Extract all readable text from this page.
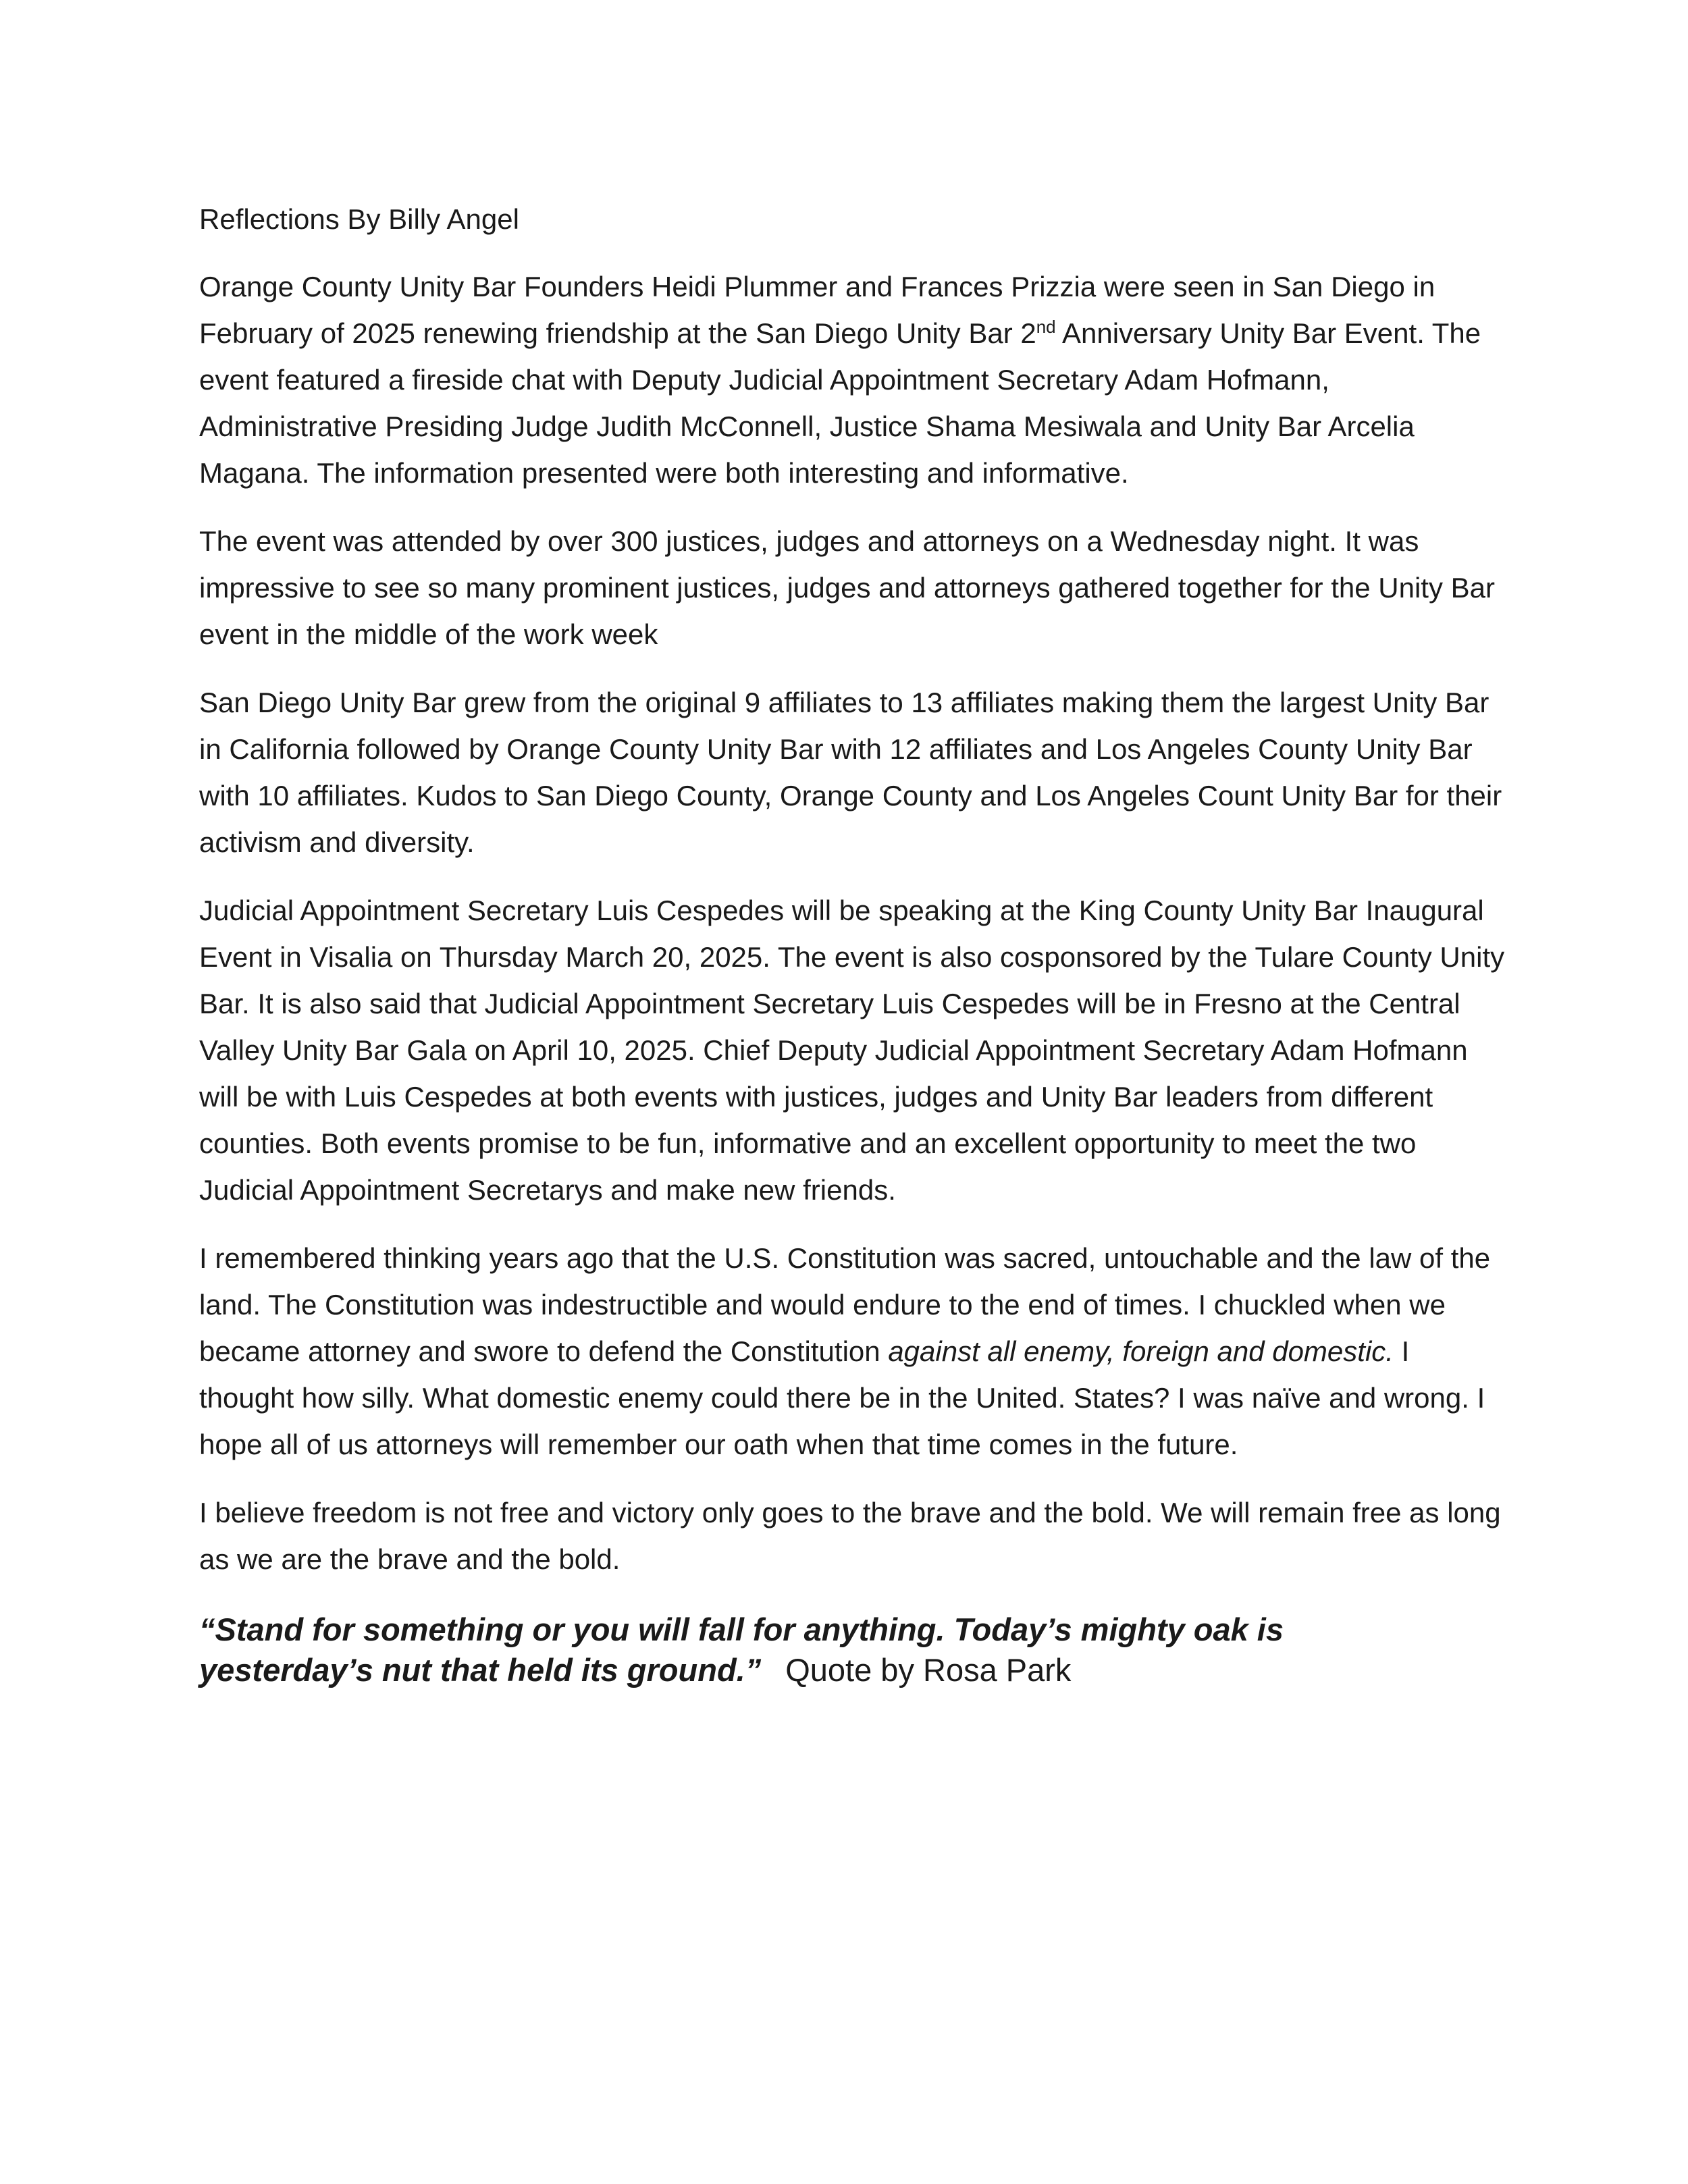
Reflections By Billy Angel

Orange County Unity Bar Founders Heidi Plummer and Frances Prizzia were seen in San Diego in February of 2025 renewing friendship at the San Diego Unity Bar 2nd Anniversary Unity Bar Event. The event featured a fireside chat with Deputy Judicial Appointment Secretary Adam Hofmann, Administrative Presiding Judge Judith McConnell, Justice Shama Mesiwala and Unity Bar Arcelia Magana. The information presented were both interesting and informative.

The event was attended by over 300 justices, judges and attorneys on a Wednesday night. It was impressive to see so many prominent justices, judges and attorneys gathered together for the Unity Bar event in the middle of the work week

San Diego Unity Bar grew from the original 9 affiliates to 13 affiliates making them the largest Unity Bar in California followed by Orange County Unity Bar with 12 affiliates and Los Angeles County Unity Bar with 10 affiliates. Kudos to San Diego County, Orange County and Los Angeles Count Unity Bar for their activism and diversity.

Judicial Appointment Secretary Luis Cespedes will be speaking at the King County Unity Bar Inaugural Event in Visalia on Thursday March 20, 2025. The event is also cosponsored by the Tulare County Unity Bar. It is also said that Judicial Appointment Secretary Luis Cespedes will be in Fresno at the Central Valley Unity Bar Gala on April 10, 2025. Chief Deputy Judicial Appointment Secretary Adam Hofmann will be with Luis Cespedes at both events with justices, judges and Unity Bar leaders from different counties. Both events promise to be fun, informative and an excellent opportunity to meet the two Judicial Appointment Secretarys and make new friends.

I remembered thinking years ago that the U.S. Constitution was sacred, untouchable and the law of the land. The Constitution was indestructible and would endure to the end of times. I chuckled when we became attorney and swore to defend the Constitution against all enemy, foreign and domestic. I thought how silly. What domestic enemy could there be in the United. States? I was naïve and wrong. I hope all of us attorneys will remember our oath when that time comes in the future.

I believe freedom is not free and victory only goes to the brave and the bold. We will remain free as long as we are the brave and the bold.

“Stand for something or you will fall for anything. Today’s mighty oak is yesterday’s nut that held its ground.” Quote by Rosa Park
